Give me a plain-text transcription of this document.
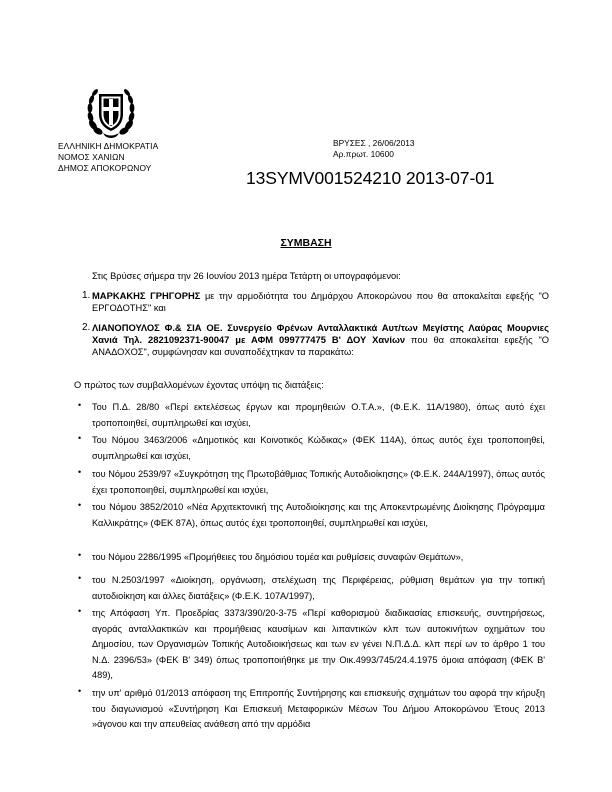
ΕΛΛΗΝΙΚΗ ΔΗΜΟΚΡΑΤΙΑ
ΝΟΜΟΣ ΧΑΝΙΩΝ
ΔΗΜΟΣ ΑΠΟΚΟΡΩΝΟΥ
ΒΡΥΣΕΣ , 26/06/2013
Αρ.πρωτ. 10600
13SYMV001524210 2013-07-01
ΣΥΜΒΑΣΗ
Στις Βρύσες σήμερα την 26 Ιουνίου 2013 ημέρα Τετάρτη οι υπογραφόμενοι:
1. ΜΑΡΚΑΚΗΣ ΓΡΗΓΟΡΗΣ με την αρμοδιότητα του Δημάρχου Αποκορώνου που θα αποκαλείται εφεξής "Ο ΕΡΓΟΔΟΤΗΣ" και
2. ΛΙΑΝΟΠΟΥΛΟΣ Φ.& ΣΙΑ ΟΕ. Συνεργείο Φρένων Ανταλλακτικά Αυτ/των Μεγίστης Λαύρας Μουρνιες Χανιά Τηλ. 2821092371-90047 με ΑΦΜ 099777475 Β' ΔΟΥ Χανίων που θα αποκαλείται εφεξής "Ο ΑΝΑΔΟΧΟΣ", συμφώνησαν και συναποδέχτηκαν τα παρακάτω:
Ο πρώτος των συμβαλλομένων έχοντας υπόψη τις διατάξεις:
• Του Π.Δ. 28/80 «Περί εκτελέσεως έργων και προμηθειών Ο.Τ.Α.», (Φ.Ε.Κ. 11Α/1980), όπως αυτό έχει τροποποιηθεί, συμπληρωθεί και ισχύει,
• Του Νόμου 3463/2006 «Δημοτικός και Κοινοτικός Κώδικας» (ΦΕΚ 114Α), όπως αυτός έχει τροποποιηθεί, συμπληρωθεί και ισχύει,
• του Νόμου 2539/97 «Συγκρότηση της Πρωτοβάθμιας Τοπικής Αυτοδιοίκησης» (Φ.Ε.Κ. 244Α/1997), όπως αυτός έχει τροποποιηθεί, συμπληρωθεί και ισχύει,
• του Νόμου 3852/2010 «Νέα Αρχιτεκτονική της Αυτοδιοίκησης και της Αποκεντρωμένης Διοίκησης Πρόγραμμα Καλλικράτης» (ΦΕΚ 87Α), όπως αυτός έχει τροποποιηθεί, συμπληρωθεί και ισχύει,
• του Νόμου 2286/1995 «Προμήθειες του δημόσιου τομέα και ρυθμίσεις συναφών Θεμάτων»,
• του Ν.2503/1997 «Διοίκηση, οργάνωση, στελέχωση της Περιφέρειας, ρύθμιση θεμάτων για την τοπική αυτοδιοίκηση και άλλες διατάξεις» (Φ.Ε.Κ. 107Α/1997),
• της Απόφαση Υπ. Προεδρίας 3373/390/20-3-75 «Περί καθορισμού διαδικασίας επισκευής, συντηρήσεως, αγοράς ανταλλακτικών και προμήθειας καυσίμων και λιπαντικών κλπ των αυτοκινήτων οχημάτων του Δημοσίου, των Οργανισμών Τοπικής Αυτοδιοικήσεως και των εν γένει Ν.Π.Δ.Δ. κλπ περί ων το άρθρο 1 του Ν.Δ. 2396/53» (ΦΕΚ Β' 349) όπως τροποποιήθηκε με την Οικ.4993/745/24.4.1975 όμοια απόφαση (ΦΕΚ Β' 489),
• την υπ' αριθμό 01/2013 απόφαση της Επιτροπής Συντήρησης και επισκευής σχημάτων του αφορά την κήρυξη του διαγωνισμού «Συντήρηση Και Επισκευή Μεταφορικών Μέσων Του Δήμου Αποκορώνου Έτους 2013 »άγονου και την απευθείας ανάθεση από την αρμόδια
